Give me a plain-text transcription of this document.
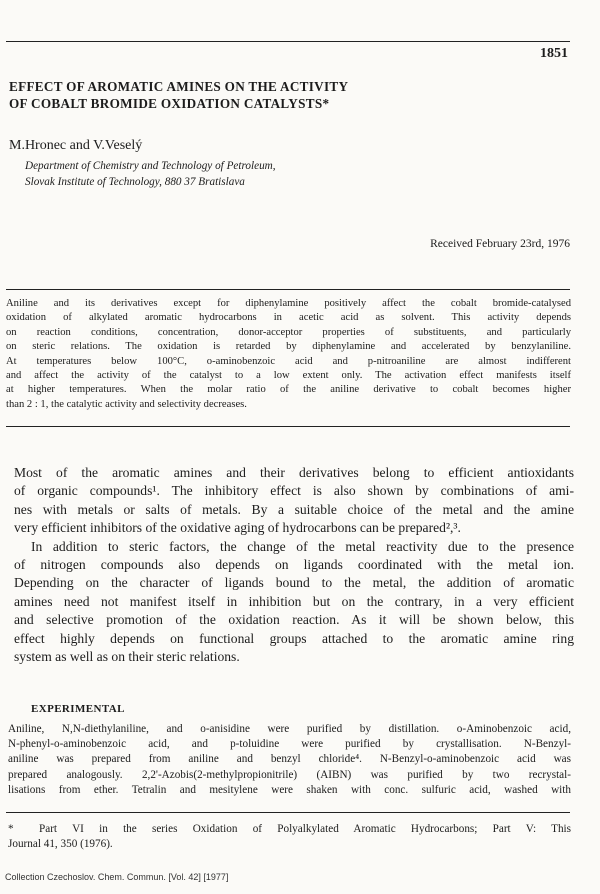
1851
EFFECT OF AROMATIC AMINES ON THE ACTIVITY
OF COBALT BROMIDE OXIDATION CATALYSTS*
M.Hronec and V.Veselý
Department of Chemistry and Technology of Petroleum,
Slovak Institute of Technology, 880 37 Bratislava
Received February 23rd, 1976
Aniline and its derivatives except for diphenylamine positively affect the cobalt bromide-catalysed
oxidation of alkylated aromatic hydrocarbons in acetic acid as solvent. This activity depends
on reaction conditions, concentration, donor-acceptor properties of substituents, and particularly
on steric relations. The oxidation is retarded by diphenylamine and accelerated by benzylaniline.
At temperatures below 100°C, o-aminobenzoic acid and p-nitroaniline are almost indifferent
and affect the activity of the catalyst to a low extent only. The activation effect manifests itself
at higher temperatures. When the molar ratio of the aniline derivative to cobalt becomes higher
than 2 : 1, the catalytic activity and selectivity decreases.
Most of the aromatic amines and their derivatives belong to efficient antioxidants
of organic compounds¹. The inhibitory effect is also shown by combinations of ami-
nes with metals or salts of metals. By a suitable choice of the metal and the amine
very efficient inhibitors of the oxidative aging of hydrocarbons can be prepared²,³.
In addition to steric factors, the change of the metal reactivity due to the presence
of nitrogen compounds also depends on ligands coordinated with the metal ion.
Depending on the character of ligands bound to the metal, the addition of aromatic
amines need not manifest itself in inhibition but on the contrary, in a very efficient
and selective promotion of the oxidation reaction. As it will be shown below, this
effect highly depends on functional groups attached to the aromatic amine ring
system as well as on their steric relations.
EXPERIMENTAL
Aniline, N,N-diethylaniline, and o-anisidine were purified by distillation. o-Aminobenzoic acid,
N-phenyl-o-aminobenzoic acid, and p-toluidine were purified by crystallisation. N-Benzyl-
aniline was prepared from aniline and benzyl chloride⁴. N-Benzyl-o-aminobenzoic acid was
prepared analogously. 2,2'-Azobis(2-methylpropionitrile) (AIBN) was purified by two recrystal-
lisations from ether. Tetralin and mesitylene were shaken with conc. sulfuric acid, washed with
* Part VI in the series Oxidation of Polyalkylated Aromatic Hydrocarbons; Part V: This
Journal 41, 350 (1976).
Collection Czechoslov. Chem. Commun. [Vol. 42] [1977]
